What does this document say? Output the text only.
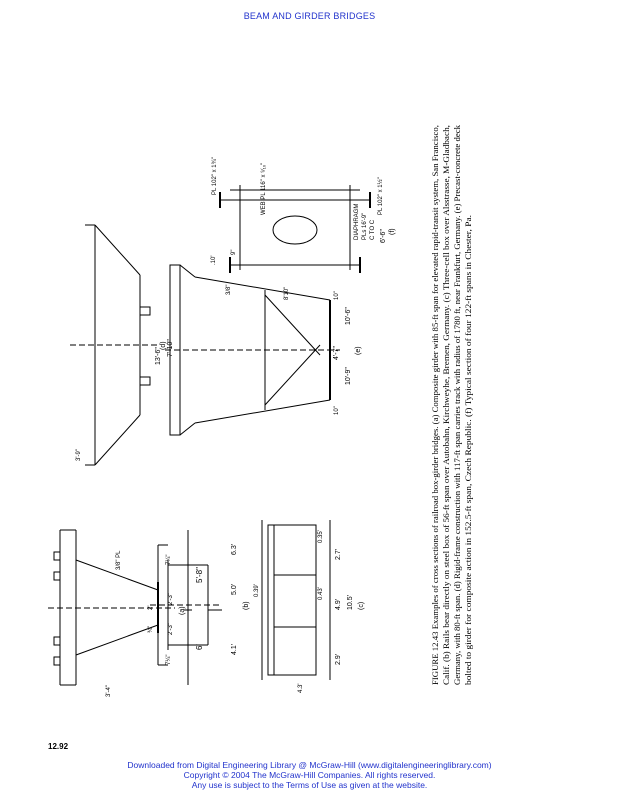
BEAM AND GIRDER BRIDGES
6'
5'-8"
7¼"
2'-3"
2'-3"
7¼"
3/8" PL
3'-4"
2'	(a)
4.1'
5.0'
6.3'
¾"
(b)
2.9'
4.9'
2.7'
10.5'
0.43'
0.35'
0.39'
4.3'
(c)
3'-9"
(d)
13'-6" 7'-10"
10'-9"
10'-6"
4'-7"
10"
10"
.10'
3/8"	8'10"
9"
(e)
PL 102" x 1¾"	WEB PL 116" x ⁹⁄₁₆"
DIAPHRAGM PLs 16'-9" C TO C
PL 102" x 1½"
6'-6" (f)	FIGURE 12.43 Examples of cross sections of railroad box-girder bridges. (a) Composite girder with 85-ft span for elevated rapid-transit system, San Francisco, Calif. (b) Rails bear directly on steel box of 56-ft span over Autobahn, Kirchweyhe, Bremen, Germany. (c) Three-cell box over Alsstrasse, M-Gladbach, Germany, with 80-ft span. (d) Rigid-frame construction with 117-ft span carries track with radius of 1780 ft, near Frankfurt, Germany. (e) Precast-concrete deck bolted to girder for composite action in 152.5-ft span, Czech Republic. (f) Typical section of four 122-ft spans in Chester, Pa.
12.92
Downloaded from Digital Engineering Library @ McGraw-Hill (www.digitalengineeringlibrary.com)
Copyright © 2004 The McGraw-Hill Companies. All rights reserved.
Any use is subject to the Terms of Use as given at the website.
